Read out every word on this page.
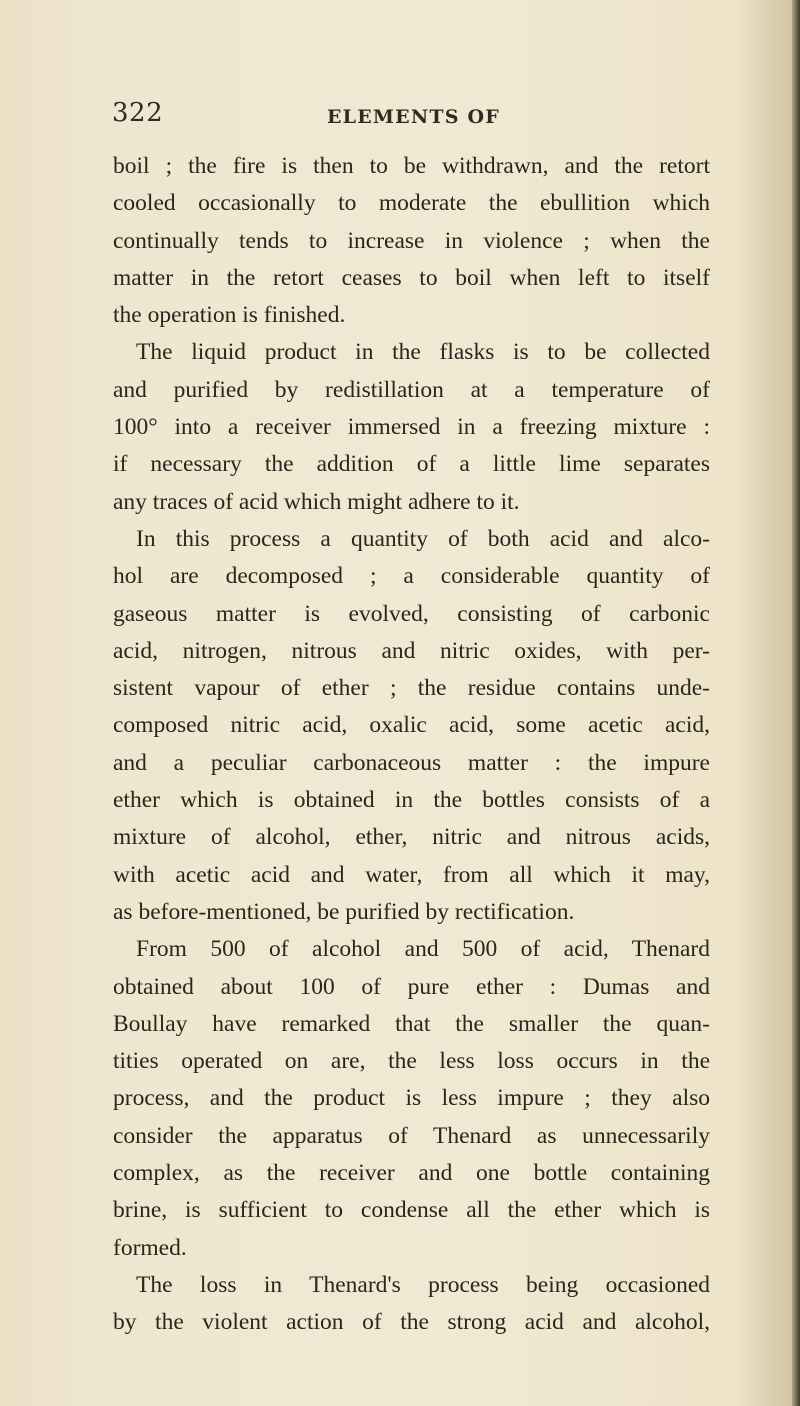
322	ELEMENTS OF
boil ; the fire is then to be withdrawn, and the retort
cooled occasionally to moderate the ebullition which
continually tends to increase in violence ; when the
matter in the retort ceases to boil when left to itself
the operation is finished.
The liquid product in the flasks is to be collected
and purified by redistillation at a temperature of
100° into a receiver immersed in a freezing mixture :
if necessary the addition of a little lime separates
any traces of acid which might adhere to it.
In this process a quantity of both acid and alco-
hol are decomposed ; a considerable quantity of
gaseous matter is evolved, consisting of carbonic
acid, nitrogen, nitrous and nitric oxides, with per-
sistent vapour of ether ; the residue contains unde-
composed nitric acid, oxalic acid, some acetic acid,
and a peculiar carbonaceous matter : the impure
ether which is obtained in the bottles consists of a
mixture of alcohol, ether, nitric and nitrous acids,
with acetic acid and water, from all which it may,
as before-mentioned, be purified by rectification.
From 500 of alcohol and 500 of acid, Thenard
obtained about 100 of pure ether : Dumas and
Boullay have remarked that the smaller the quan-
tities operated on are, the less loss occurs in the
process, and the product is less impure ; they also
consider the apparatus of Thenard as unnecessarily
complex, as the receiver and one bottle containing
brine, is sufficient to condense all the ether which is
formed.
The loss in Thenard's process being occasioned
by the violent action of the strong acid and alcohol,
